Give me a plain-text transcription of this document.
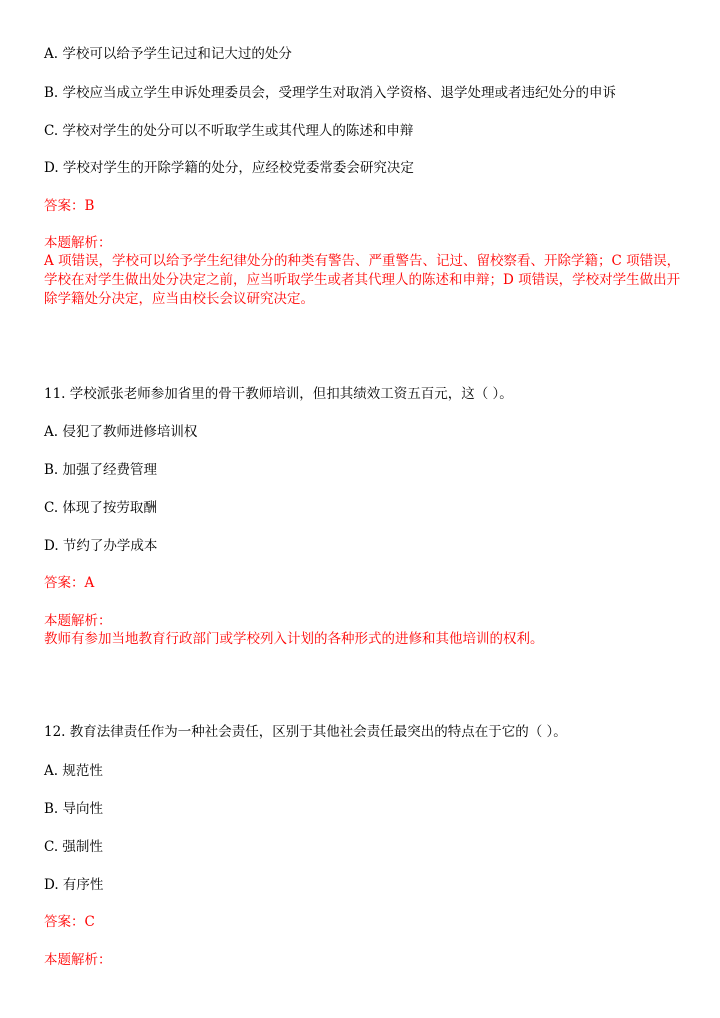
A. 学校可以给予学生记过和记大过的处分
B. 学校应当成立学生申诉处理委员会，受理学生对取消入学资格、退学处理或者违纪处分的申诉
C. 学校对学生的处分可以不听取学生或其代理人的陈述和申辩
D. 学校对学生的开除学籍的处分，应经校党委常委会研究决定
答案：B
本题解析：
A 项错误，学校可以给予学生纪律处分的种类有警告、严重警告、记过、留校察看、开除学籍；C 项错误，学校在对学生做出处分决定之前，应当听取学生或者其代理人的陈述和申辩；D 项错误，学校对学生做出开除学籍处分决定，应当由校长会议研究决定。
11. 学校派张老师参加省里的骨干教师培训，但扣其绩效工资五百元，这（ ）。
A. 侵犯了教师进修培训权
B. 加强了经费管理
C. 体现了按劳取酬
D. 节约了办学成本
答案：A
本题解析：
教师有参加当地教育行政部门或学校列入计划的各种形式的进修和其他培训的权利。
12. 教育法律责任作为一种社会责任，区别于其他社会责任最突出的特点在于它的（ ）。
A. 规范性
B. 导向性
C. 强制性
D. 有序性
答案：C
本题解析：
